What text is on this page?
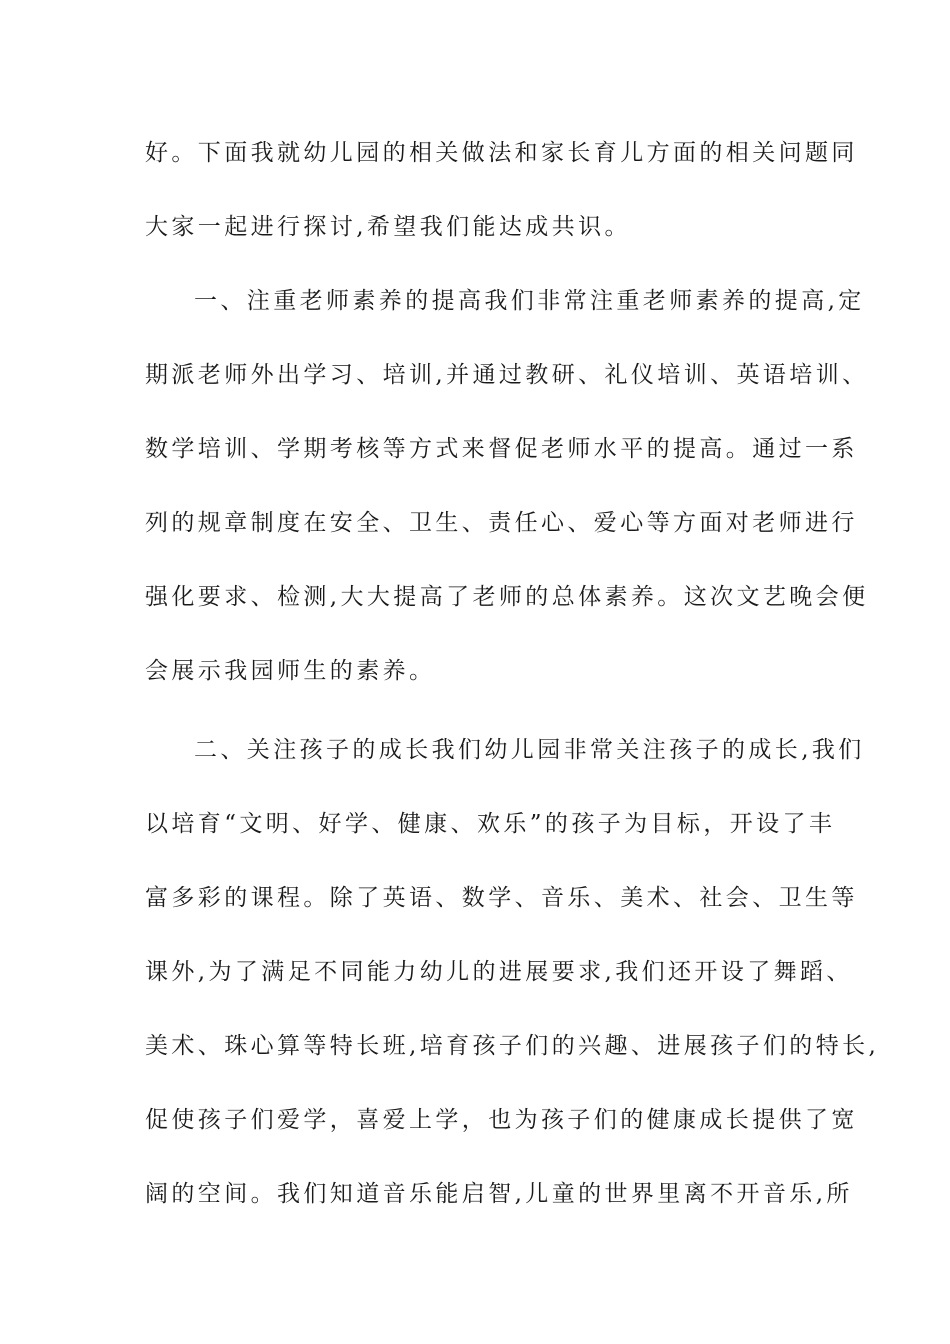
好。下面我就幼儿园的相关做法和家长育儿方面的相关问题同
大家一起进行探讨,希望我们能达成共识。
一、注重老师素养的提高我们非常注重老师素养的提高,定
期派老师外出学习、培训,并通过教研、礼仪培训、英语培训、
数学培训、学期考核等方式来督促老师水平的提高。通过一系
列的规章制度在安全、卫生、责任心、爱心等方面对老师进行
强化要求、检测,大大提高了老师的总体素养。这次文艺晚会便
会展示我园师生的素养。
二、关注孩子的成长我们幼儿园非常关注孩子的成长,我们
以培育“文明、好学、健康、欢乐”的孩子为目标，开设了丰
富多彩的课程。除了英语、数学、音乐、美术、社会、卫生等
课外,为了满足不同能力幼儿的进展要求,我们还开设了舞蹈、
美术、珠心算等特长班,培育孩子们的兴趣、进展孩子们的特长,
促使孩子们爱学，喜爱上学，也为孩子们的健康成长提供了宽
阔的空间。我们知道音乐能启智,儿童的世界里离不开音乐,所
